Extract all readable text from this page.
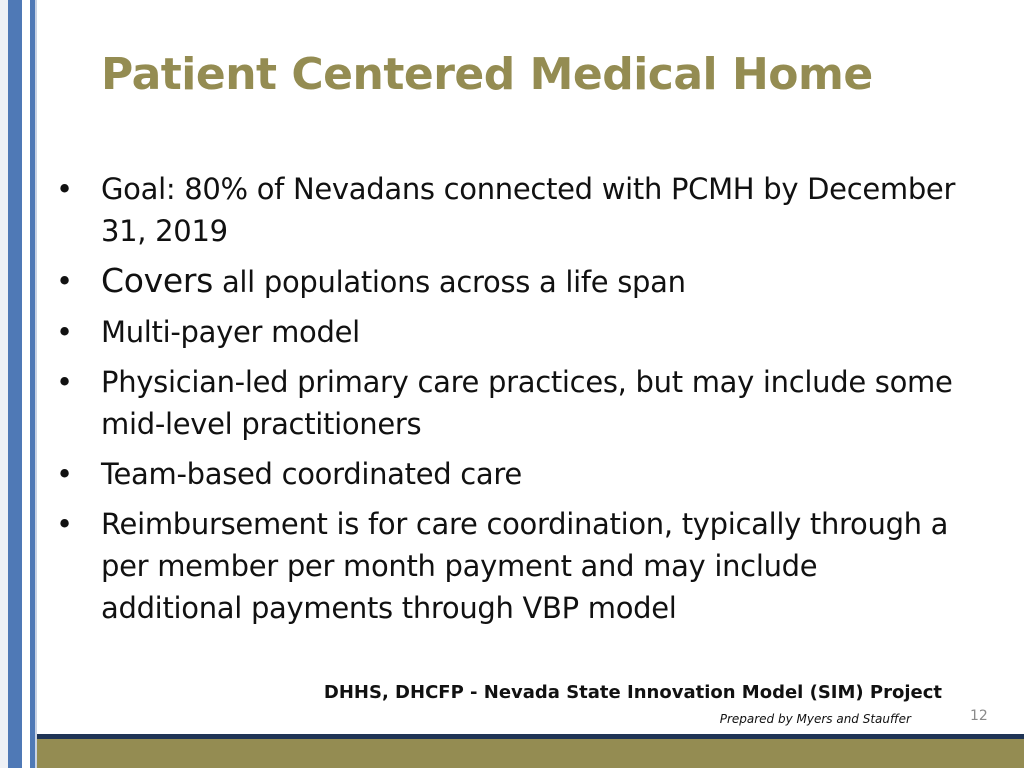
Patient Centered Medical Home
• Goal: 80% of Nevadans connected with PCMH by December 31, 2019
• Covers all populations across a life span
• Multi-payer model
• Physician-led primary care practices, but may include some mid-level practitioners
• Team-based coordinated care
• Reimbursement is for care coordination, typically through a per member per month payment and may include additional payments through VBP model
DHHS, DHCFP - Nevada State Innovation Model (SIM) Project
Prepared by Myers and Stauffer	12
